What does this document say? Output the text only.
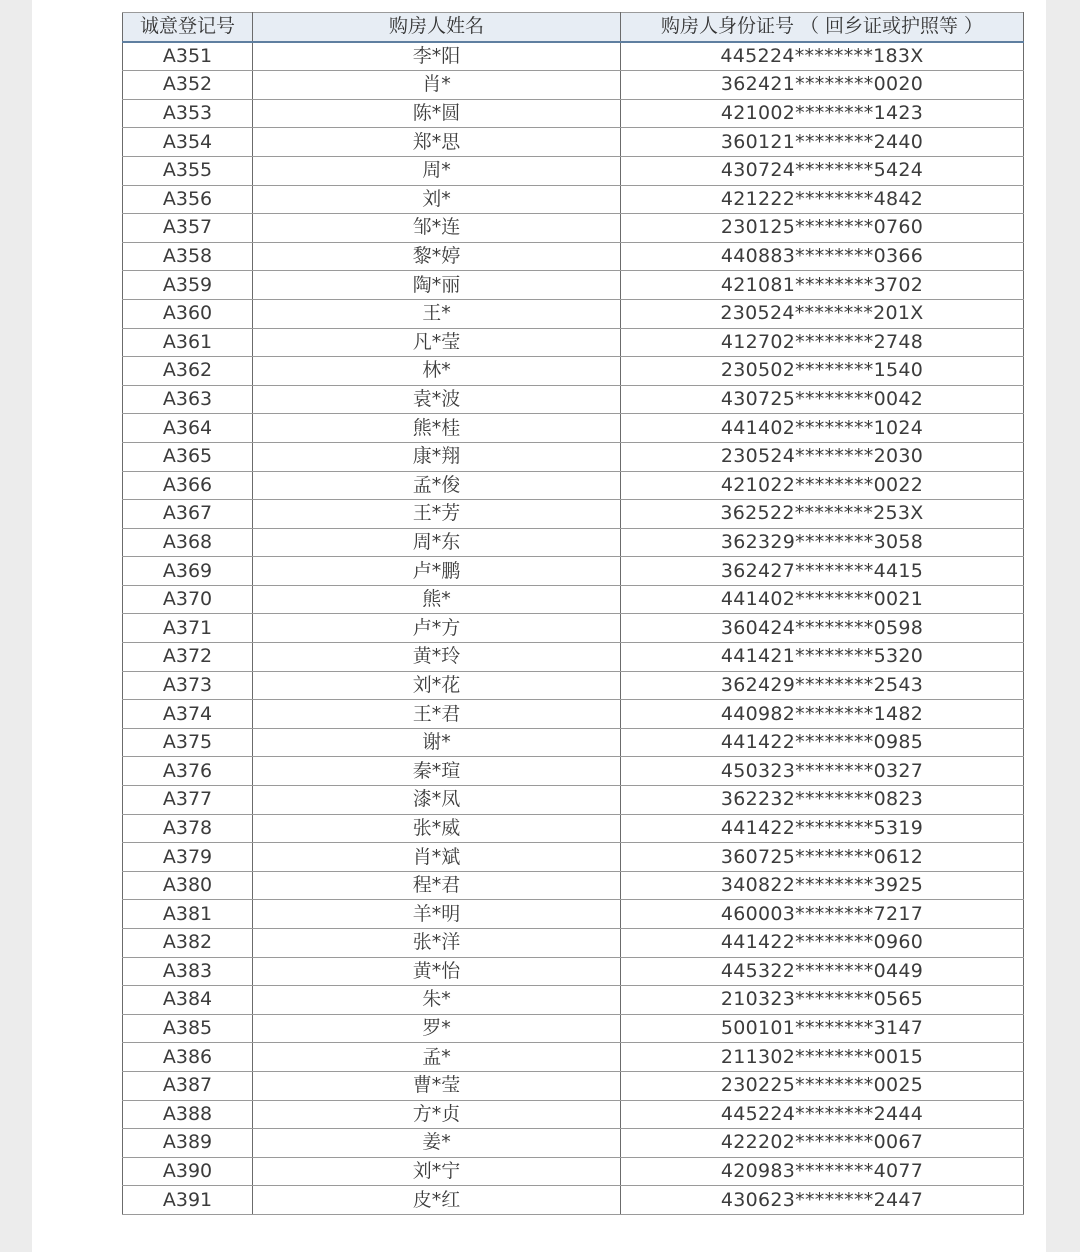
诚意登记号	购房人姓名	购房人身份证号 （ 回乡证或护照等 ）
A351	李*阳	445224********183X
A352	肖*	362421********0020
A353	陈*圆	421002********1423
A354	郑*思	360121********2440
A355	周*	430724********5424
A356	刘*	421222********4842
A357	邹*连	230125********0760
A358	黎*婷	440883********0366
A359	陶*丽	421081********3702
A360	王*	230524********201X
A361	凡*莹	412702********2748
A362	林*	230502********1540
A363	袁*波	430725********0042
A364	熊*桂	441402********1024
A365	康*翔	230524********2030
A366	孟*俊	421022********0022
A367	王*芳	362522********253X
A368	周*东	362329********3058
A369	卢*鹏	362427********4415
A370	熊*	441402********0021
A371	卢*方	360424********0598
A372	黄*玲	441421********5320
A373	刘*花	362429********2543
A374	王*君	440982********1482
A375	谢*	441422********0985
A376	秦*瑄	450323********0327
A377	漆*凤	362232********0823
A378	张*威	441422********5319
A379	肖*斌	360725********0612
A380	程*君	340822********3925
A381	羊*明	460003********7217
A382	张*洋	441422********0960
A383	黄*怡	445322********0449
A384	朱*	210323********0565
A385	罗*	500101********3147
A386	孟*	211302********0015
A387	曹*莹	230225********0025
A388	方*贞	445224********2444
A389	姜*	422202********0067
A390	刘*宁	420983********4077
A391	皮*红	430623********2447
